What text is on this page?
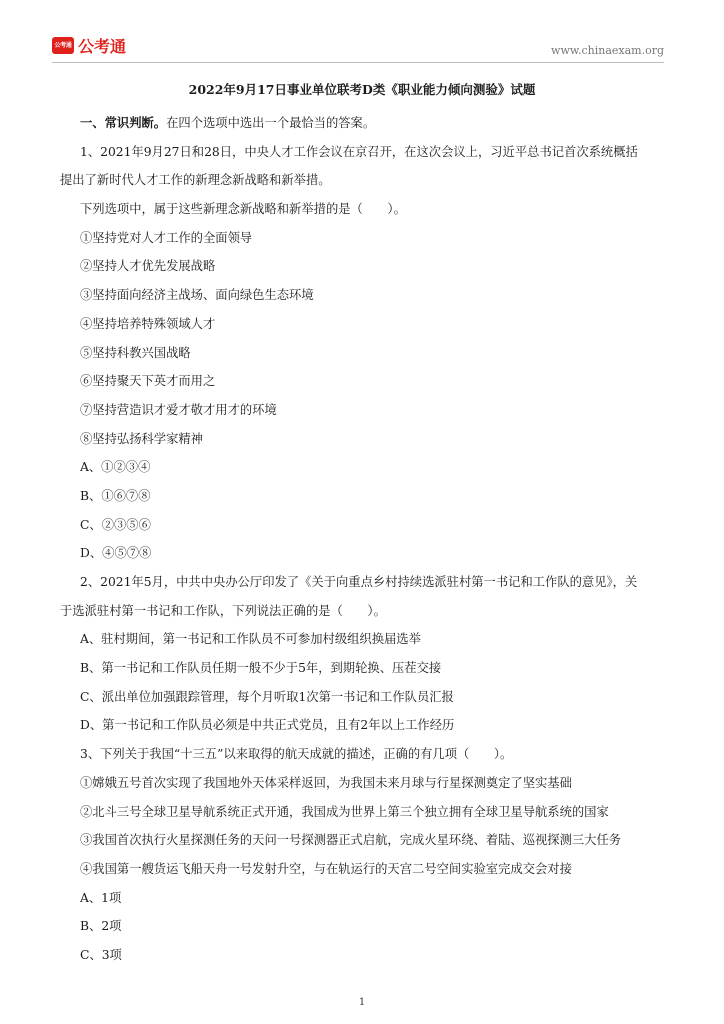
公考通 公考通	www.chinaexam.org
2022年9月17日事业单位联考D类《职业能力倾向测验》试题
一、常识判断。在四个选项中选出一个最恰当的答案。
1、2021年9月27日和28日，中央人才工作会议在京召开，在这次会议上，习近平总书记首次系统概括
提出了新时代人才工作的新理念新战略和新举措。
下列选项中，属于这些新理念新战略和新举措的是（　　）。
①坚持党对人才工作的全面领导
②坚持人才优先发展战略
③坚持面向经济主战场、面向绿色生态环境
④坚持培养特殊领域人才
⑤坚持科教兴国战略
⑥坚持聚天下英才而用之
⑦坚持营造识才爱才敬才用才的环境
⑧坚持弘扬科学家精神
A、①②③④
B、①⑥⑦⑧
C、②③⑤⑥
D、④⑤⑦⑧
2、2021年5月，中共中央办公厅印发了《关于向重点乡村持续选派驻村第一书记和工作队的意见》，关
于选派驻村第一书记和工作队，下列说法正确的是（　　）。
A、驻村期间，第一书记和工作队员不可参加村级组织换届选举
B、第一书记和工作队员任期一般不少于5年，到期轮换、压茬交接
C、派出单位加强跟踪管理，每个月听取1次第一书记和工作队员汇报
D、第一书记和工作队员必须是中共正式党员，且有2年以上工作经历
3、下列关于我国“十三五”以来取得的航天成就的描述，正确的有几项（　　）。
①嫦娥五号首次实现了我国地外天体采样返回，为我国未来月球与行星探测奠定了坚实基础
②北斗三号全球卫星导航系统正式开通，我国成为世界上第三个独立拥有全球卫星导航系统的国家
③我国首次执行火星探测任务的天问一号探测器正式启航，完成火星环绕、着陆、巡视探测三大任务
④我国第一艘货运飞船天舟一号发射升空，与在轨运行的天宫二号空间实验室完成交会对接
A、1项
B、2项
C、3项
1
